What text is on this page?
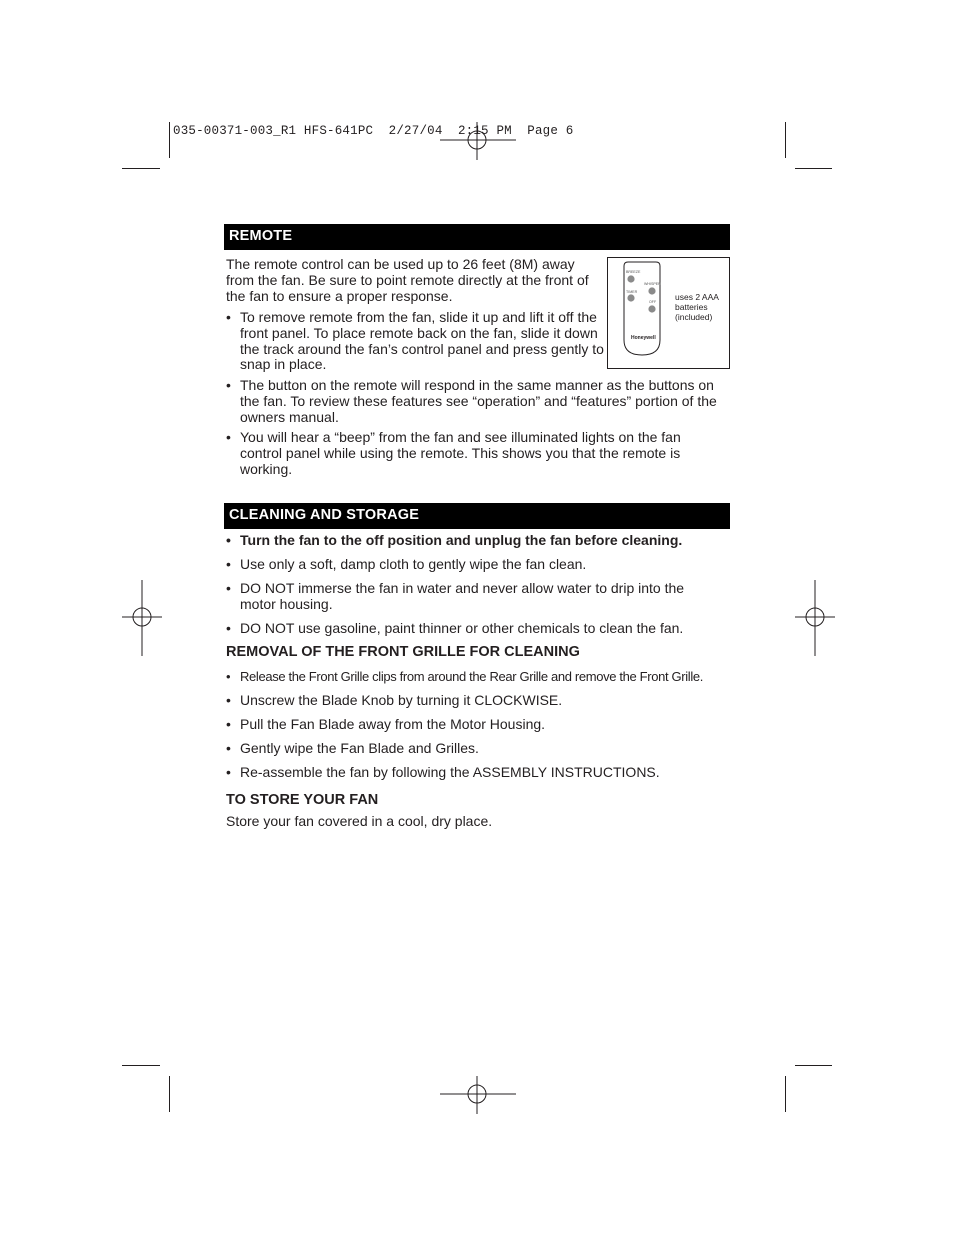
035-00371-003_R1 HFS-641PC  2/27/04  2:15 PM  Page 6
REMOTE
The remote control can be used up to 26 feet (8M) away
from the fan. Be sure to point remote directly at the front of
the fan to ensure a proper response.
• To remove remote from the fan, slide it up and lift it off the
front panel. To place remote back on the fan, slide it down
the track around the fan’s control panel and press gently to
snap in place.
• The button on the remote will respond in the same manner as the buttons on
the fan. To review these features see “operation” and “features” portion of the
owners manual.
• You will hear a “beep” from the fan and see illuminated lights on the fan
control panel while using the remote. This shows you that the remote is
working.
BREEZE
TIMER
WHISPER
OFF
Honeywell
uses 2 AAA
batteries
(included)
CLEANING AND STORAGE
• Turn the fan to the off position and unplug the fan before cleaning.
• Use only a soft, damp cloth to gently wipe the fan clean.
• DO NOT immerse the fan in water and never allow water to drip into the
motor housing.
• DO NOT use gasoline, paint thinner or other chemicals to clean the fan.
REMOVAL OF THE FRONT GRILLE FOR CLEANING
• Release the Front Grille clips from around the Rear Grille and remove the Front Grille.
• Unscrew the Blade Knob by turning it CLOCKWISE.
• Pull the Fan Blade away from the Motor Housing.
• Gently wipe the Fan Blade and Grilles.
• Re-assemble the fan by following the ASSEMBLY INSTRUCTIONS.
TO STORE YOUR FAN
Store your fan covered in a cool, dry place.
